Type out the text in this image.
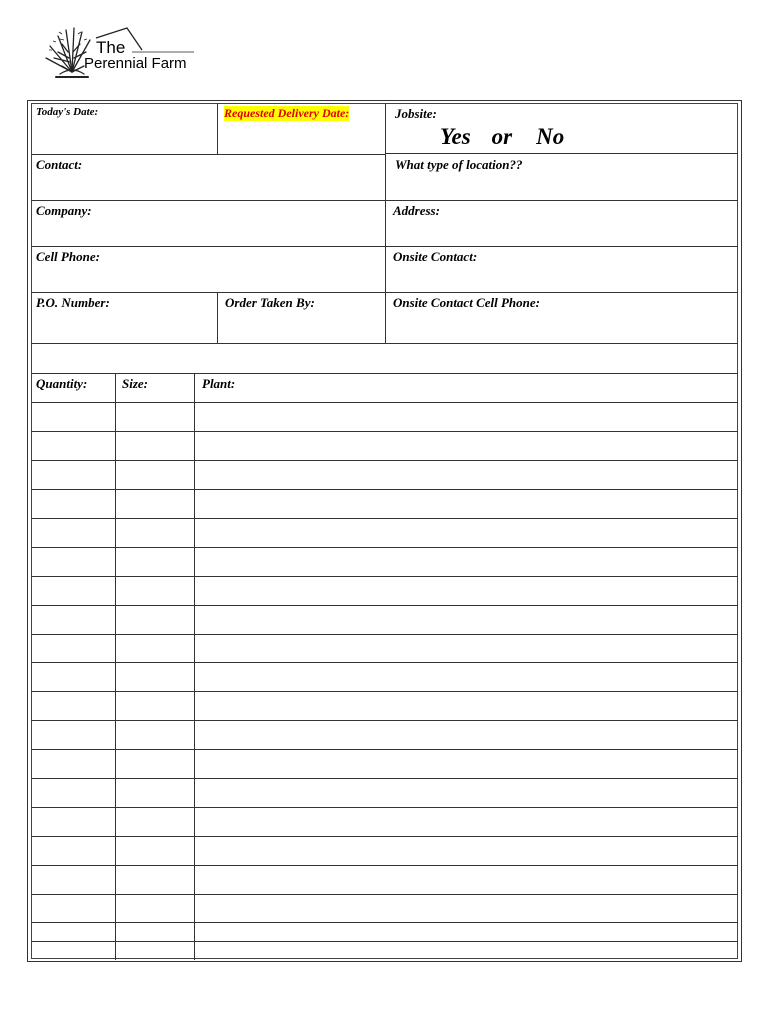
The
Perennial Farm
Today's Date:	Requested Delivery Date:	Jobsite:
Yes or No
Contact:	What type of location??
Company:	Address:
Cell Phone:	Onsite Contact:
P.O. Number:	Order Taken By:	Onsite Contact Cell Phone:
Quantity:	Size:	Plant:
